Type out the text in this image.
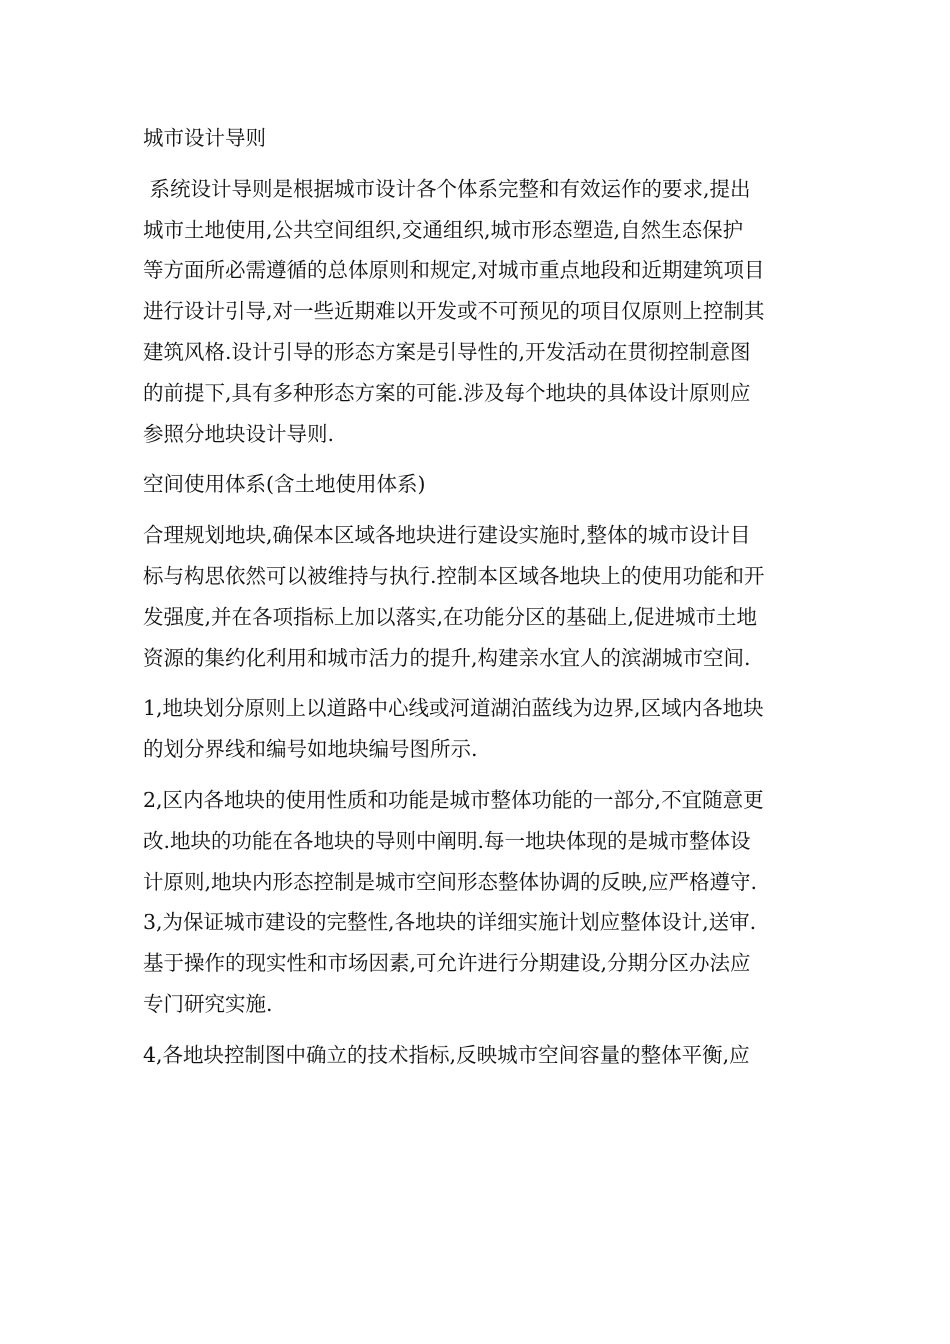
城市设计导则
系统设计导则是根据城市设计各个体系完整和有效运作的要求,提出
城市土地使用,公共空间组织,交通组织,城市形态塑造,自然生态保护
等方面所必需遵循的总体原则和规定,对城市重点地段和近期建筑项目
进行设计引导,对一些近期难以开发或不可预见的项目仅原则上控制其
建筑风格.设计引导的形态方案是引导性的,开发活动在贯彻控制意图
的前提下,具有多种形态方案的可能.涉及每个地块的具体设计原则应
参照分地块设计导则.
空间使用体系(含土地使用体系)
合理规划地块,确保本区域各地块进行建设实施时,整体的城市设计目
标与构思依然可以被维持与执行.控制本区域各地块上的使用功能和开
发强度,并在各项指标上加以落实,在功能分区的基础上,促进城市土地
资源的集约化利用和城市活力的提升,构建亲水宜人的滨湖城市空间.
1,地块划分原则上以道路中心线或河道湖泊蓝线为边界,区域内各地块
的划分界线和编号如地块编号图所示.
2,区内各地块的使用性质和功能是城市整体功能的一部分,不宜随意更
改.地块的功能在各地块的导则中阐明.每一地块体现的是城市整体设
计原则,地块内形态控制是城市空间形态整体协调的反映,应严格遵守.
3,为保证城市建设的完整性,各地块的详细实施计划应整体设计,送审.
基于操作的现实性和市场因素,可允许进行分期建设,分期分区办法应
专门研究实施.
4,各地块控制图中确立的技术指标,反映城市空间容量的整体平衡,应
